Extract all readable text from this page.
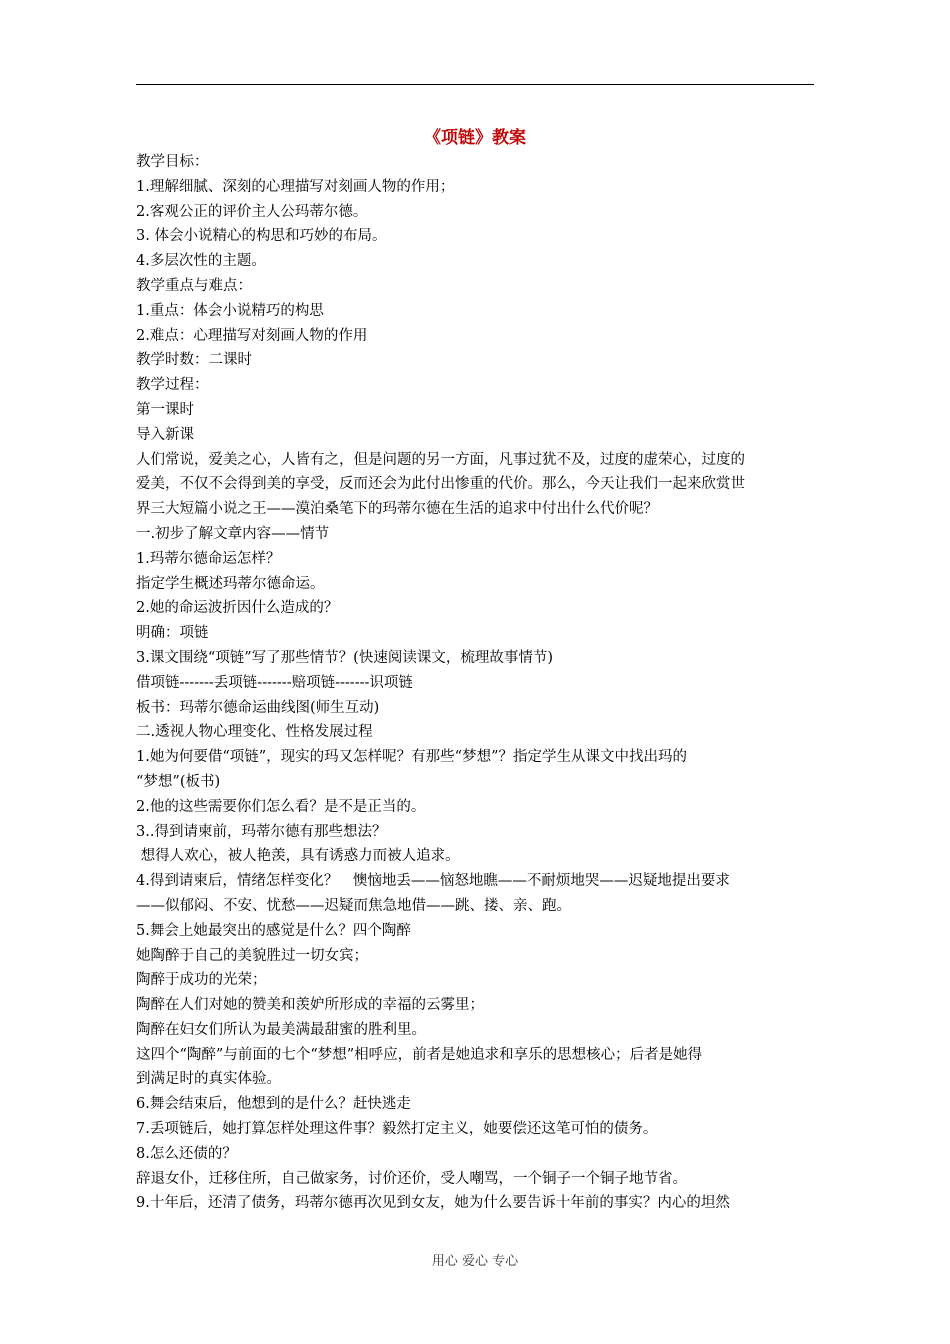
《项链》教案

教学目标：

1.理解细腻、深刻的心理描写对刻画人物的作用；

2.客观公正的评价主人公玛蒂尔德。

3. 体会小说精心的构思和巧妙的布局。

4.多层次性的主题。

教学重点与难点：

1.重点：体会小说精巧的构思

2.难点：心理描写对刻画人物的作用

教学时数：二课时

教学过程：

第一课时

导入新课

人们常说，爱美之心，人皆有之，但是问题的另一方面，凡事过犹不及，过度的虚荣心，过度的

爱美，不仅不会得到美的享受，反而还会为此付出惨重的代价。那么，今天让我们一起来欣赏世

界三大短篇小说之王——漠泊桑笔下的玛蒂尔德在生活的追求中付出什么代价呢？

一.初步了解文章内容——情节

1.玛蒂尔德命运怎样？

指定学生概述玛蒂尔德命运。

2.她的命运波折因什么造成的？

明确：项链

3.课文围绕“项链”写了那些情节？(快速阅读课文，梳理故事情节)

借项链-------丢项链-------赔项链-------识项链

板书：玛蒂尔德命运曲线图(师生互动)

二.透视人物心理变化、性格发展过程

1.她为何要借“项链”，现实的玛又怎样呢？有那些“梦想”？指定学生从课文中找出玛的

“梦想”(板书)

2.他的这些需要你们怎么看？是不是正当的。

3..得到请柬前，玛蒂尔德有那些想法？

想得人欢心，被人艳羡，具有诱惑力而被人追求。

4.得到请柬后，情绪怎样变化？　懊恼地丢——恼怒地瞧——不耐烦地哭——迟疑地提出要求

——似郁闷、不安、忧愁——迟疑而焦急地借——跳、搂、亲、跑。

5.舞会上她最突出的感觉是什么？四个陶醉

她陶醉于自己的美貌胜过一切女宾；

陶醉于成功的光荣；

陶醉在人们对她的赞美和羡妒所形成的幸福的云雾里；

陶醉在妇女们所认为最美满最甜蜜的胜利里。

这四个“陶醉”与前面的七个“梦想”相呼应，前者是她追求和享乐的思想核心；后者是她得

到满足时的真实体验。

6.舞会结束后，他想到的是什么？赶快逃走

7.丢项链后，她打算怎样处理这件事？毅然打定主义，她要偿还这笔可怕的债务。

8.怎么还债的？

辞退女仆，迁移住所，自己做家务，讨价还价，受人嘲骂，一个铜子一个铜子地节省。

9.十年后，还清了债务，玛蒂尔德再次见到女友，她为什么要告诉十年前的事实？内心的坦然

用心 爱心 专心
